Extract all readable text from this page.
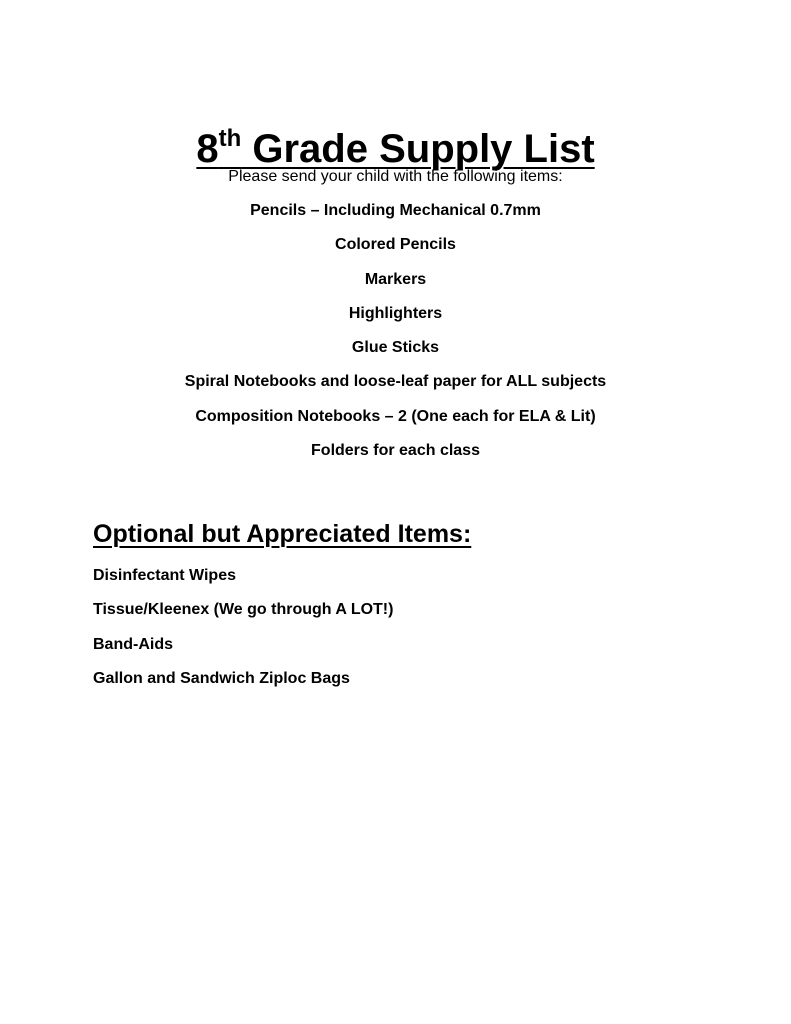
8th Grade Supply List

Please send your child with the following items:

Pencils – Including Mechanical 0.7mm
Colored Pencils
Markers
Highlighters
Glue Sticks
Spiral Notebooks and loose-leaf paper for ALL subjects
Composition Notebooks – 2 (One each for ELA & Lit)
Folders for each class
Optional but Appreciated Items:
Disinfectant Wipes
Tissue/Kleenex (We go through A LOT!)
Band-Aids
Gallon and Sandwich Ziploc Bags
